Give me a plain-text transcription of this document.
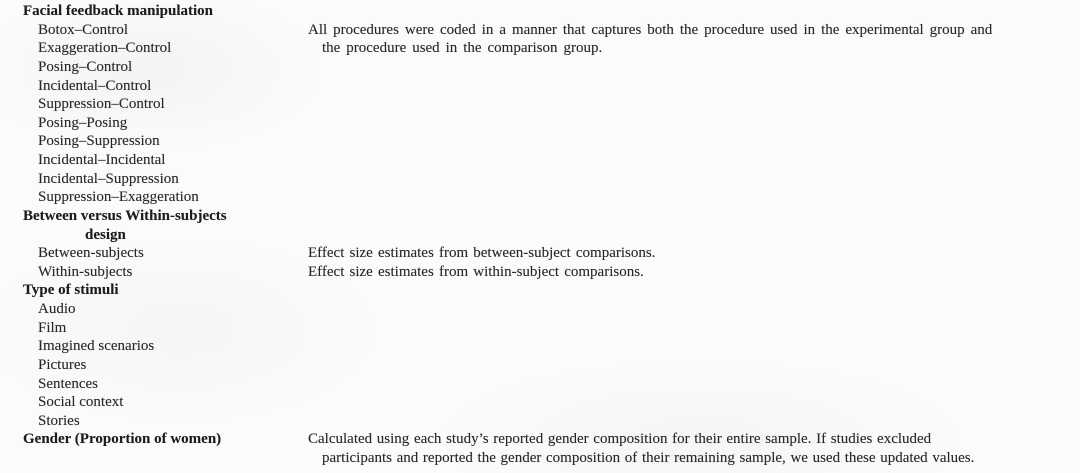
Facial feedback manipulation
Botox–Control
Exaggeration–Control
Posing–Control
Incidental–Control
Suppression–Control
Posing–Posing
Posing–Suppression
Incidental–Incidental
Incidental–Suppression
Suppression–Exaggeration
All procedures were coded in a manner that captures both the procedure used in the experimental group and
the procedure used in the comparison group.
Between versus Within-subjects
design
Between-subjects
Within-subjects
Effect size estimates from between-subject comparisons.
Effect size estimates from within-subject comparisons.
Type of stimuli
Audio
Film
Imagined scenarios
Pictures
Sentences
Social context
Stories
Gender (Proportion of women)	Calculated using each study’s reported gender composition for their entire sample. If studies excluded
participants and reported the gender composition of their remaining sample, we used these updated values.
